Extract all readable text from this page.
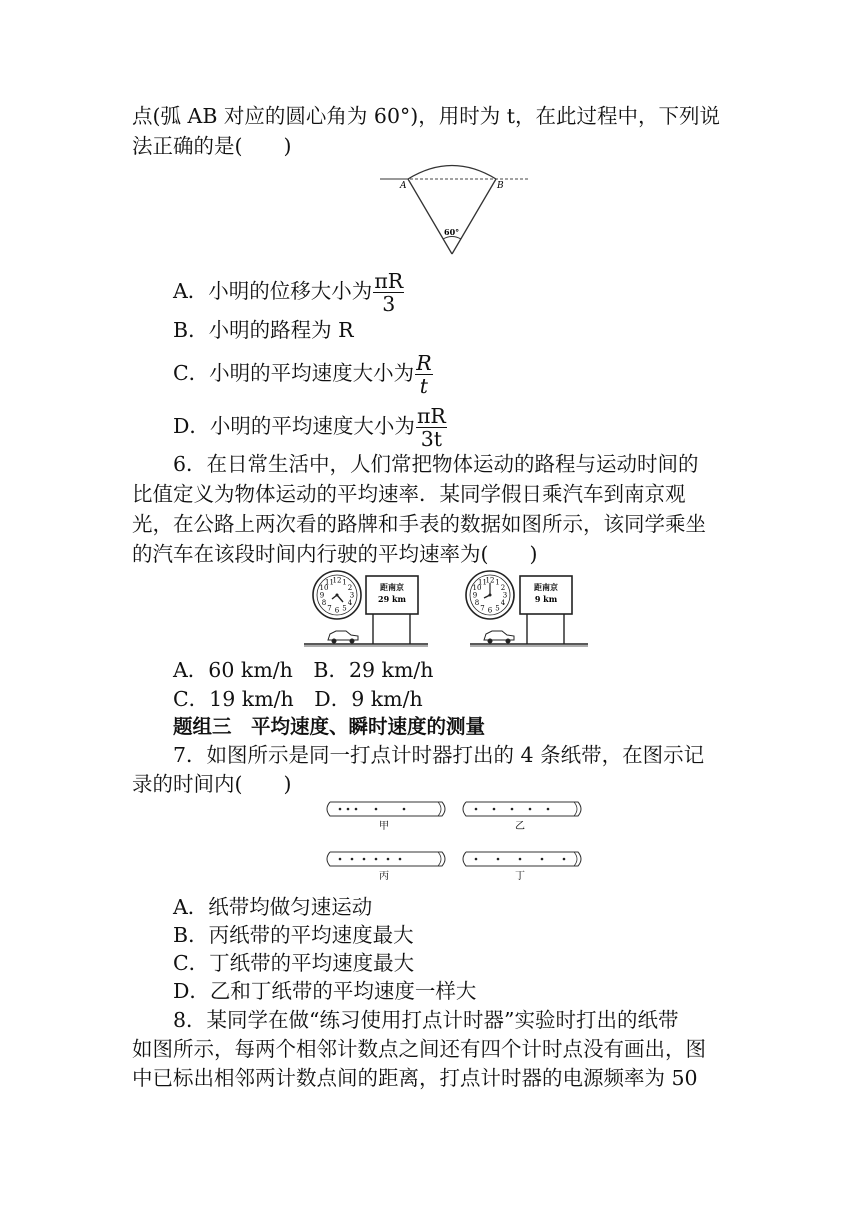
点(弧 AB 对应的圆心角为 60°)，用时为 t，在此过程中，下列说
法正确的是(　　)
A	B
60°
A．小明的位移大小为 $\frac{\pi R}{3}$
B．小明的路程为 R
C．小明的平均速度大小为 $\frac{R}{t}$
D．小明的平均速度大小为 $\frac{\pi R}{3t}$
6．在日常生活中，人们常把物体运动的路程与运动时间的
比值定义为物体运动的平均速率．某同学假日乘汽车到南京观
光，在公路上两次看的路牌和手表的数据如图所示，该同学乘坐
的汽车在该段时间内行驶的平均速率为(　　)
12 1
2
3
4
5
6
7
8
9
10
11	距南京
29 km
12 1
2
3
4
5
6
7
8
9
10
11	距南京
9 km
A．60 km/h　B．29 km/h
C．19 km/h　D．9 km/h
题组三　平均速度、瞬时速度的测量
7．如图所示是同一打点计时器打出的 4 条纸带，在图示记
录的时间内(　　)
甲	乙
丙	丁
A．纸带均做匀速运动
B．丙纸带的平均速度最大
C．丁纸带的平均速度最大
D．乙和丁纸带的平均速度一样大
8．某同学在做“练习使用打点计时器”实验时打出的纸带
如图所示，每两个相邻计数点之间还有四个计时点没有画出，图
中已标出相邻两计数点间的距离，打点计时器的电源频率为 50
